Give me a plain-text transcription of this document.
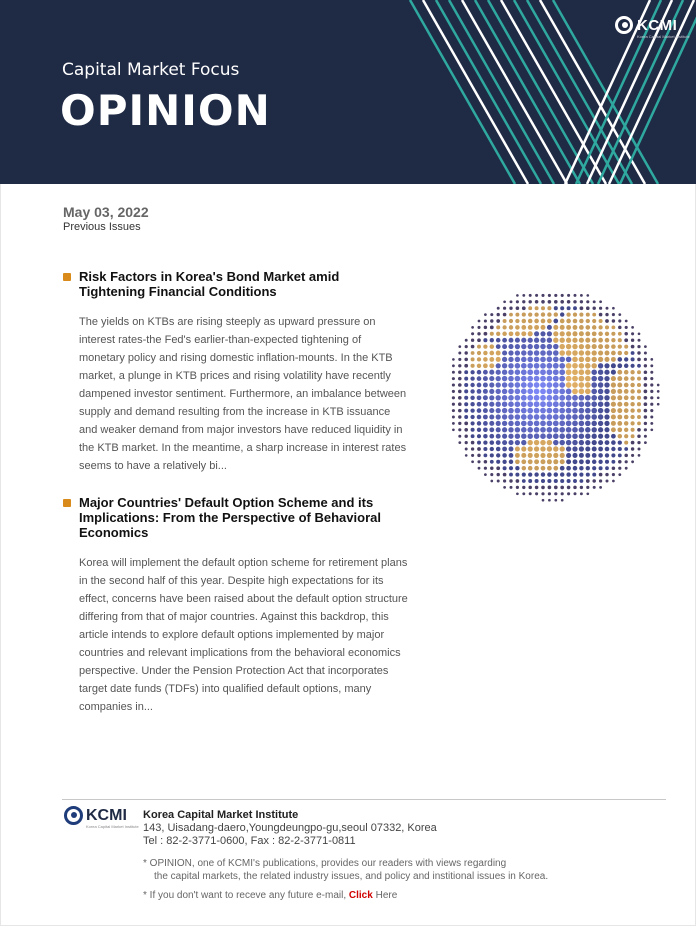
KCMI
Korea Capital Market Institute
Capital Market Focus
OPINION
May 03, 2022
Previous Issues
Risk Factors in Korea's Bond Market amid Tightening Financial Conditions
The yields on KTBs are rising steeply as upward pressure on interest rates-the Fed's earlier-than-expected tightening of monetary policy and rising domestic inflation-mounts. In the KTB market, a plunge in KTB prices and rising volatility have recently dampened investor sentiment. Furthermore, an imbalance between supply and demand resulting from the increase in KTB issuance and weaker demand from major investors have reduced liquidity in the KTB market. In the meantime, a sharp increase in interest rates seems to have a relatively bi...
Major Countries' Default Option Scheme and its Implications: From the Perspective of Behavioral Economics
Korea will implement the default option scheme for retirement plans in the second half of this year. Despite high expectations for its effect, concerns have been raised about the default option structure differing from that of major countries. Against this backdrop, this article intends to explore default options implemented by major countries and relevant implications from the behavioral economics perspective. Under the Pension Protection Act that incorporates target date funds (TDFs) into qualified default options, many companies in...
KCMI
Korea Capital Market Institute
Korea Capital Market Institute
143, Uisadang-daero,Youngdeungpo-gu,seoul 07332, Korea
Tel : 82-2-3771-0600, Fax : 82-2-3771-0811
* OPINION, one of KCMI's publications, provides our readers with views regarding
the capital markets, the related industry issues, and policy and institional issues in Korea.
* If you don't want to receve any future e-mail, Click Here
